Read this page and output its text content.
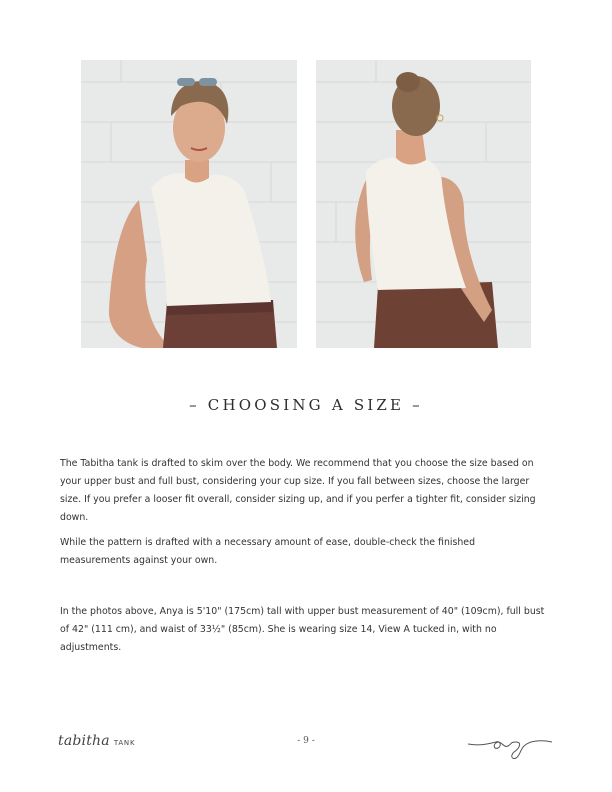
– CHOOSING A SIZE –

The Tabitha tank is drafted to skim over the body. We recommend that you choose the size based on your upper bust and full bust, considering your cup size. If you fall between sizes, choose the larger size. If you prefer a looser fit overall, consider sizing up, and if you perfer a tighter fit, consider sizing down.

While the pattern is drafted with a necessary amount of ease, double-check the finished measurements against your own.

In the photos above, Anya is 5'10" (175cm) tall with upper bust measurement of 40" (109cm), full bust of 42" (111 cm), and waist of 33½" (85cm). She is wearing size 14, View A tucked in, with no adjustments.

tabitha TANK	- 9 -
